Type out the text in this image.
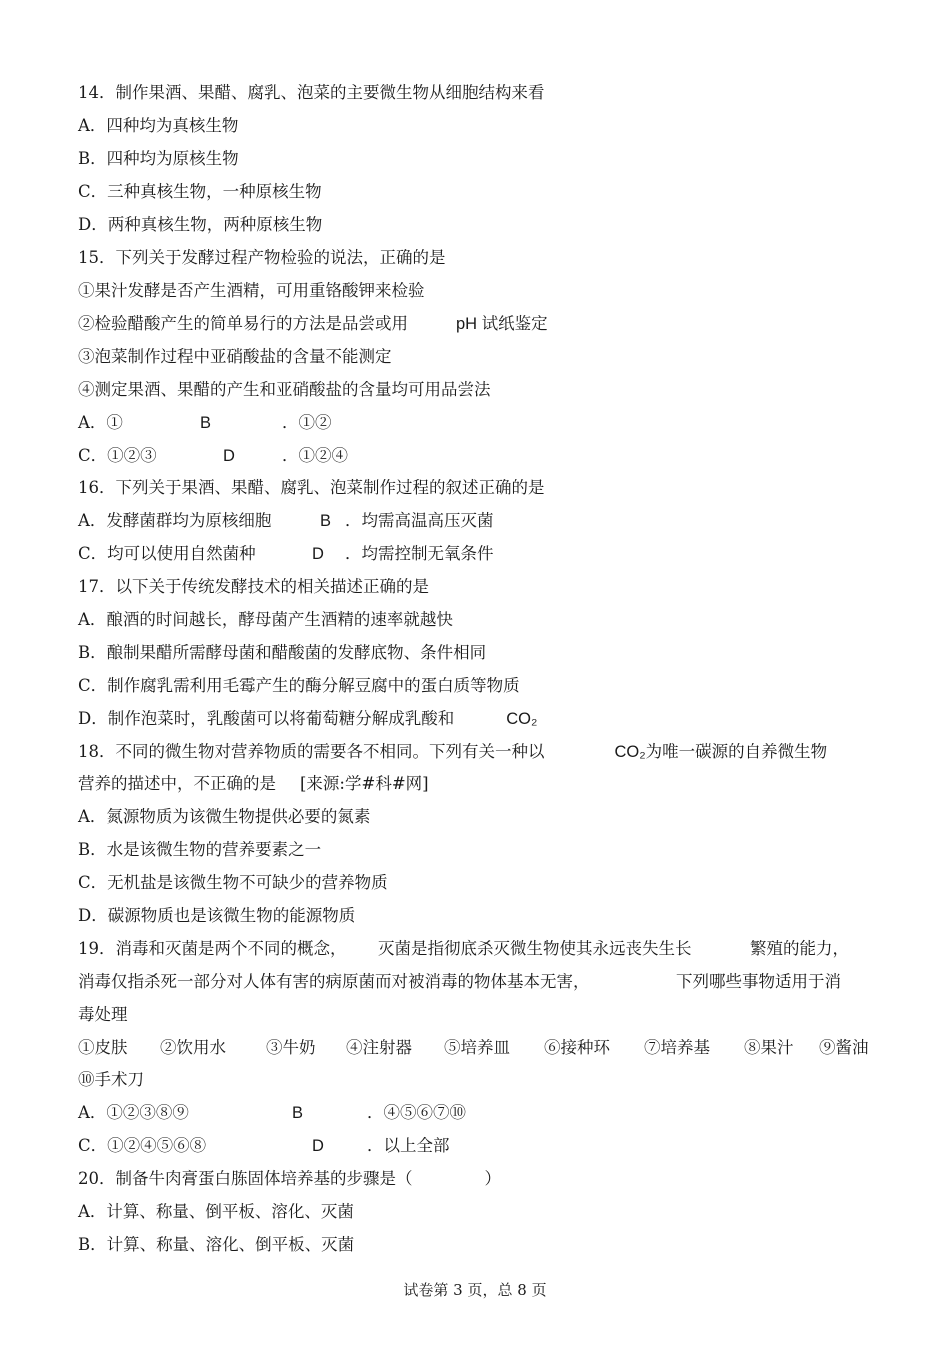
14．制作果酒、果醋、腐乳、泡菜的主要微生物从细胞结构来看
A．四种均为真核生物
B．四种均为原核生物
C．三种真核生物，一种原核生物
D．两种真核生物，两种原核生物
15．下列关于发酵过程产物检验的说法，正确的是
①果汁发酵是否产生酒精，可用重铬酸钾来检验
②检验醋酸产生的简单易行的方法是品尝或用	pH 试纸鉴定
③泡菜制作过程中亚硝酸盐的含量不能测定
④测定果酒、果醋的产生和亚硝酸盐的含量均可用品尝法
A．①	B	．①②
C．①②③	D	．①②④
16．下列关于果酒、果醋、腐乳、泡菜制作过程的叙述正确的是
A．发酵菌群均为原核细胞	B ．均需高温高压灭菌
C．均可以使用自然菌种	D ．均需控制无氧条件
17．以下关于传统发酵技术的相关描述正确的是
A．酿酒的时间越长，酵母菌产生酒精的速率就越快
B．酿制果醋所需酵母菌和醋酸菌的发酵底物、条件相同
C．制作腐乳需利用毛霉产生的酶分解豆腐中的蛋白质等物质
D．制作泡菜时，乳酸菌可以将葡萄糖分解成乳酸和	CO₂
18．不同的微生物对营养物质的需要各不相同。下列有关一种以	CO₂为唯一碳源的自养微生物
营养的描述中，不正确的是 [来源:学#科#网]
A．氮源物质为该微生物提供必要的氮素
B．水是该微生物的营养要素之一
C．无机盐是该微生物不可缺少的营养物质
D．碳源物质也是该微生物的能源物质
19．消毒和灭菌是两个不同的概念， 灭菌是指彻底杀灭微生物使其永远丧失生长	繁殖的能力，
消毒仅指杀死一部分对人体有害的病原菌而对被消毒的物体基本无害，	下列哪些事物适用于消
毒处理
①皮肤 ②饮用水 ③牛奶 ④注射器 ⑤培养皿 ⑥接种环 ⑦培养基 ⑧果汁 ⑨酱油
⑩手术刀
A．①②③⑧⑨	B	．④⑤⑥⑦⑩
C．①②④⑤⑥⑧	D	．以上全部
20．制备牛肉膏蛋白胨固体培养基的步骤是（	）
A．计算、称量、倒平板、溶化、灭菌
B．计算、称量、溶化、倒平板、灭菌
试卷第 3 页，总 8 页
